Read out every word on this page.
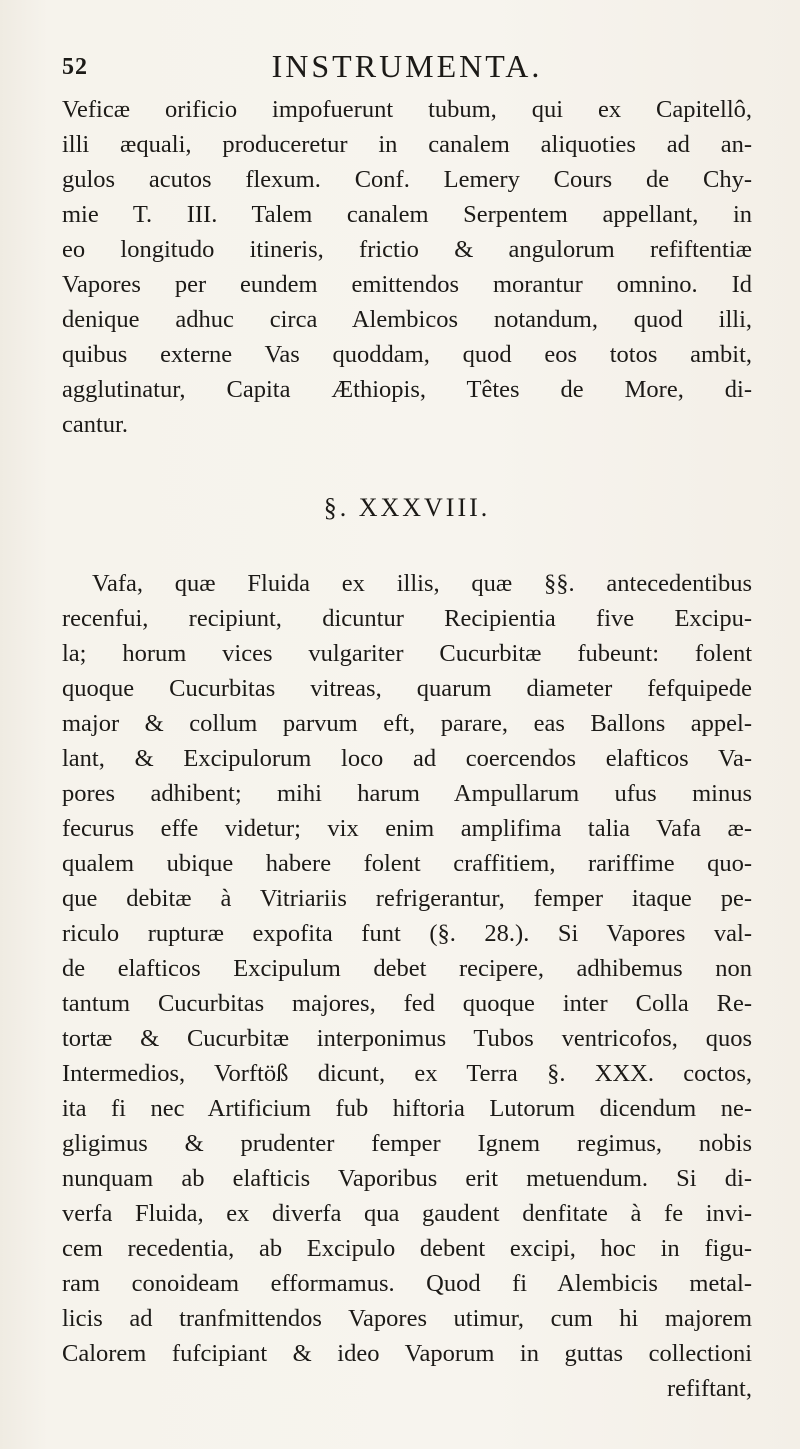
52	INSTRUMENTA.
Veficæ orificio impofuerunt tubum, qui ex Capitellô,
illi æquali, produceretur in canalem aliquoties ad an-
gulos acutos flexum. Conf. Lemery Cours de Chy-
mie T. III. Talem canalem Serpentem appellant, in
eo longitudo itineris, frictio & angulorum refiftentiæ
Vapores per eundem emittendos morantur omnino. Id
denique adhuc circa Alembicos notandum, quod illi,
quibus externe Vas quoddam, quod eos totos ambit,
agglutinatur, Capita Æthiopis, Têtes de More, di-
cantur.
§. XXXVIII.
Vafa, quæ Fluida ex illis, quæ §§. antecedentibus
recenfui, recipiunt, dicuntur Recipientia five Excipu-
la; horum vices vulgariter Cucurbitæ fubeunt: folent
quoque Cucurbitas vitreas, quarum diameter fefquipede
major & collum parvum eft, parare, eas Ballons appel-
lant, & Excipulorum loco ad coercendos elafticos Va-
pores adhibent; mihi harum Ampullarum ufus minus
fecurus effe videtur; vix enim amplifima talia Vafa æ-
qualem ubique habere folent craffitiem, rariffime quo-
que debitæ à Vitriariis refrigerantur, femper itaque pe-
riculo rupturæ expofita funt (§. 28.). Si Vapores val-
de elafticos Excipulum debet recipere, adhibemus non
tantum Cucurbitas majores, fed quoque inter Colla Re-
tortæ & Cucurbitæ interponimus Tubos ventricofos, quos
Intermedios, Vorftöß dicunt, ex Terra §. XXX. coctos,
ita fi nec Artificium fub hiftoria Lutorum dicendum ne-
gligimus & prudenter femper Ignem regimus, nobis
nunquam ab elafticis Vaporibus erit metuendum. Si di-
verfa Fluida, ex diverfa qua gaudent denfitate à fe invi-
cem recedentia, ab Excipulo debent excipi, hoc in figu-
ram conoideam efformamus. Quod fi Alembicis metal-
licis ad tranfmittendos Vapores utimur, cum hi majorem
Calorem fufcipiant & ideo Vaporum in guttas collectioni
refiftant,
